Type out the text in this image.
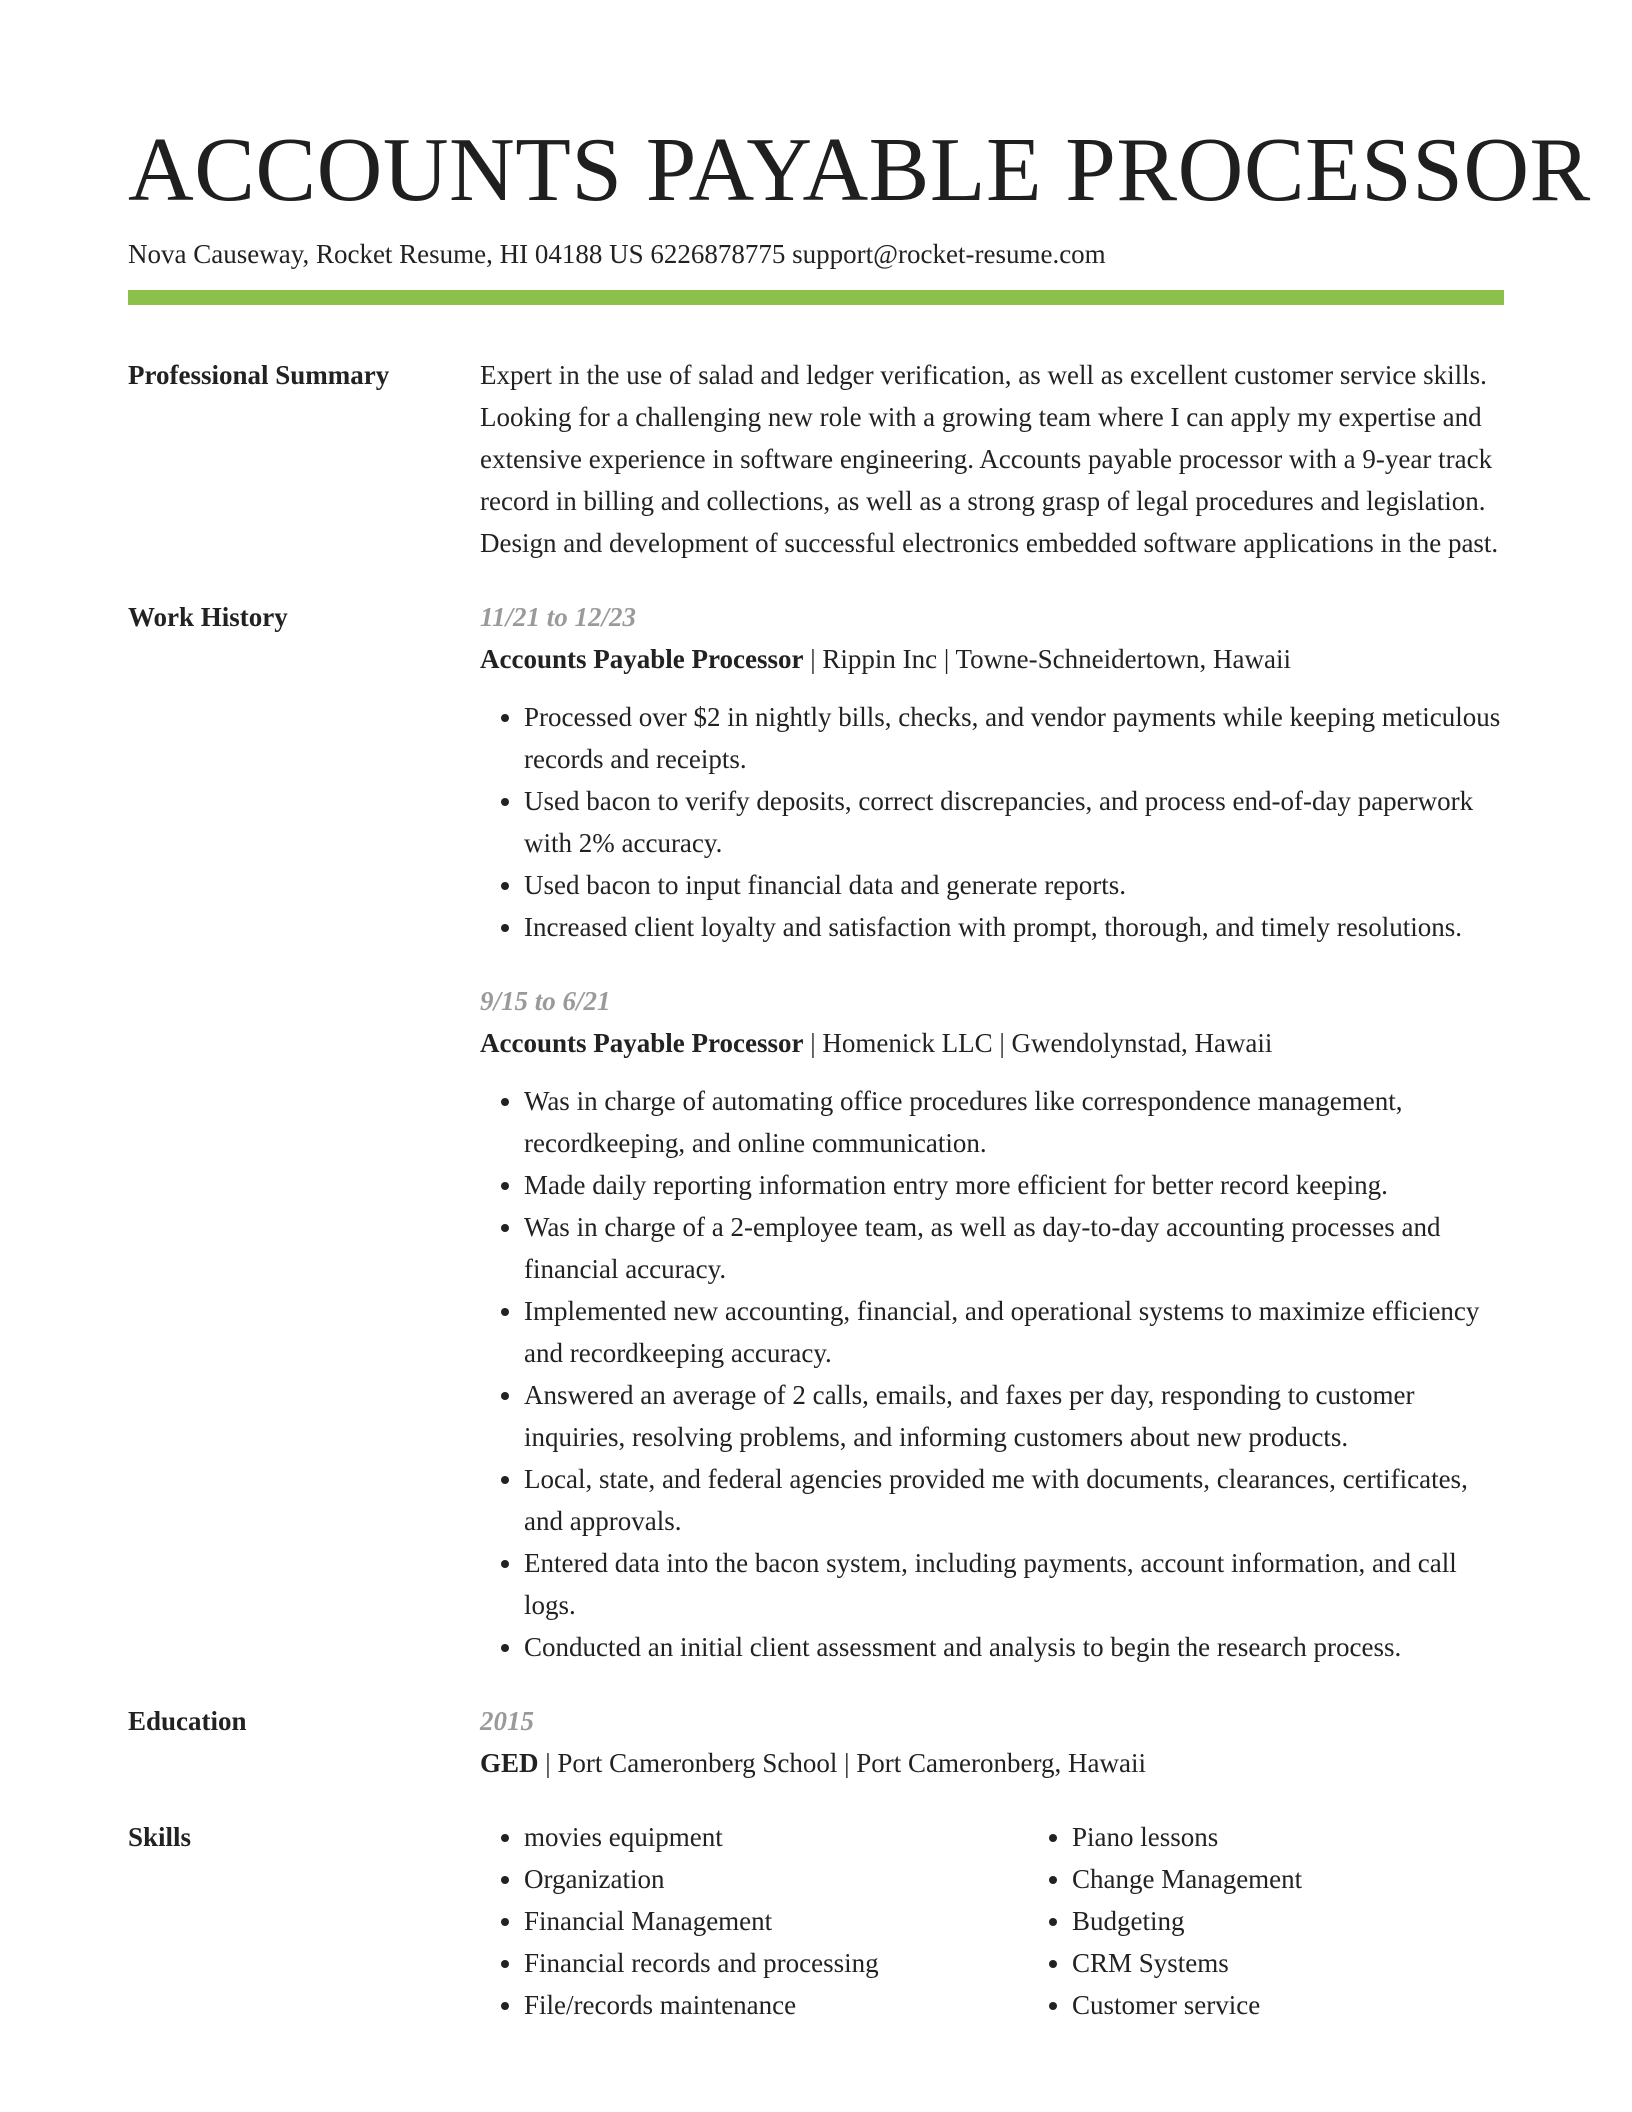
ACCOUNTS PAYABLE PROCESSOR
Nova Causeway, Rocket Resume, HI 04188 US 6226878775 support@rocket-resume.com
Professional Summary	Expert in the use of salad and ledger verification, as well as excellent customer service skills. Looking for a challenging new role with a growing team where I can apply my expertise and extensive experience in software engineering. Accounts payable processor with a 9-year track record in billing and collections, as well as a strong grasp of legal procedures and legislation. Design and development of successful electronics embedded software applications in the past.
Work History	11/21 to 12/23
Accounts Payable Processor | Rippin Inc | Towne-Schneidertown, Hawaii
• Processed over $2 in nightly bills, checks, and vendor payments while keeping meticulous records and receipts.
• Used bacon to verify deposits, correct discrepancies, and process end-of-day paperwork with 2% accuracy.
• Used bacon to input financial data and generate reports.
• Increased client loyalty and satisfaction with prompt, thorough, and timely resolutions.
9/15 to 6/21
Accounts Payable Processor | Homenick LLC | Gwendolynstad, Hawaii
• Was in charge of automating office procedures like correspondence management, recordkeeping, and online communication.
• Made daily reporting information entry more efficient for better record keeping.
• Was in charge of a 2-employee team, as well as day-to-day accounting processes and financial accuracy.
• Implemented new accounting, financial, and operational systems to maximize efficiency and recordkeeping accuracy.
• Answered an average of 2 calls, emails, and faxes per day, responding to customer inquiries, resolving problems, and informing customers about new products.
• Local, state, and federal agencies provided me with documents, clearances, certificates, and approvals.
• Entered data into the bacon system, including payments, account information, and call logs.
• Conducted an initial client assessment and analysis to begin the research process.
Education	2015
GED | Port Cameronberg School | Port Cameronberg, Hawaii
Skills
•	movies equipment
• Organization
• Financial Management
• Financial records and processing
• File/records maintenance
• Piano lessons
• Change Management
• Budgeting
• CRM Systems
• Customer service
